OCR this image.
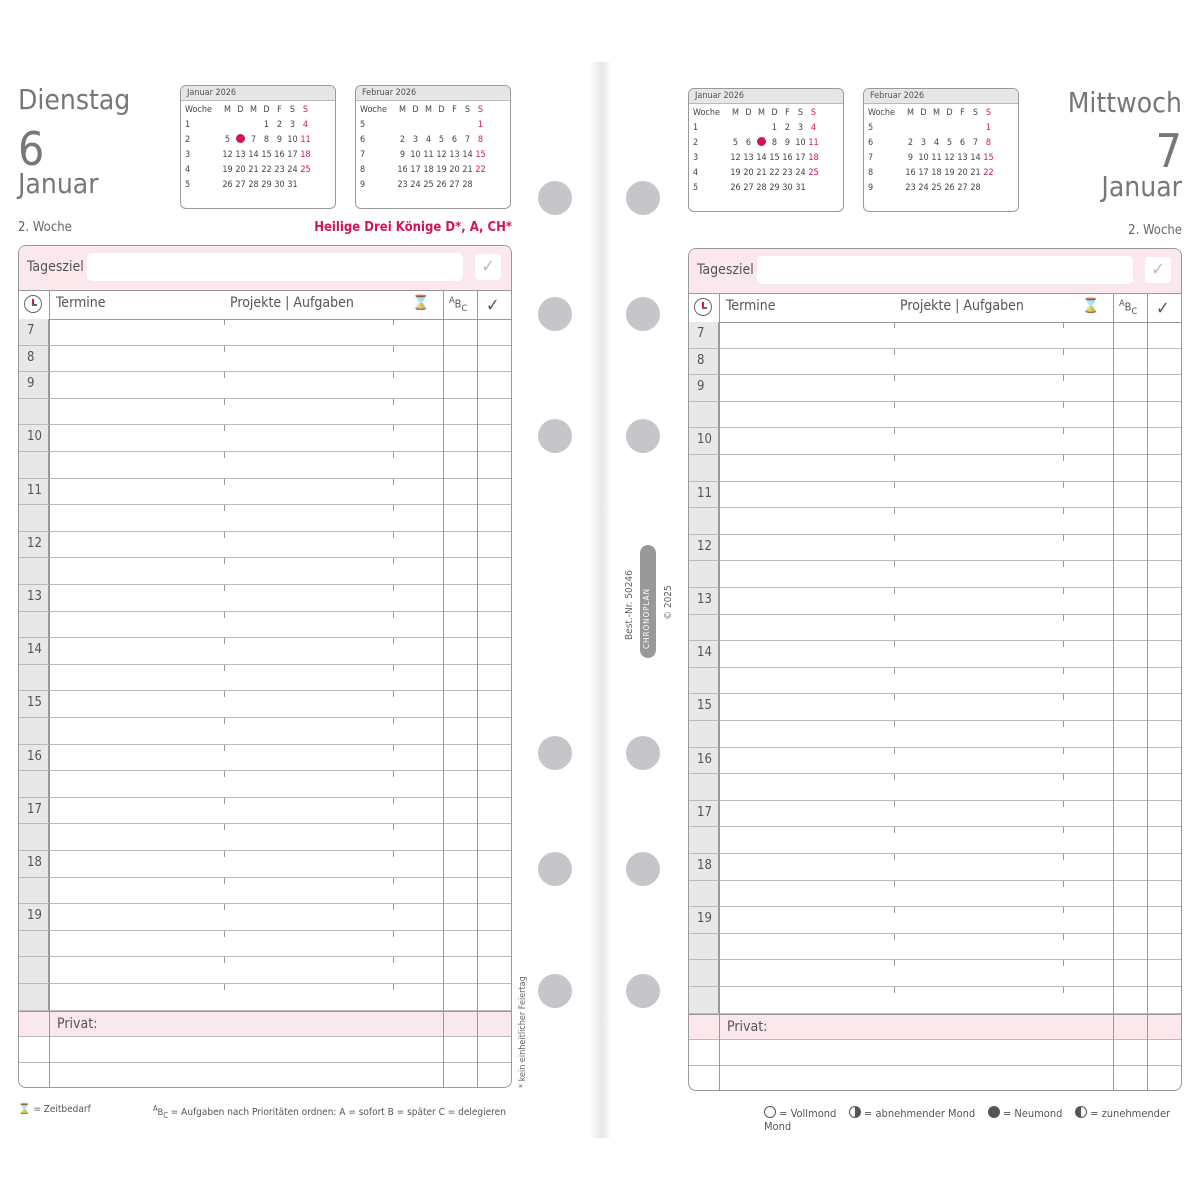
Dienstag
6
Januar
2. Woche	Heilige Drei Könige D*, A, CH*
Mittwoch
7
Januar
2. Woche
Januar 2026
Woche	M	D	M	D	F	S	S
1				1	2	3	4
2	5		7	8	9	10	11
3	12	13	14	15	16	17	18
4	19	20	21	22	23	24	25
5	26	27	28	29	30	31	
Februar 2026
Woche	M	D	M	D	F	S	S
5							1
6	2	3	4	5	6	7	8
7	9	10	11	12	13	14	15
8	16	17	18	19	20	21	22
9	23	24	25	26	27	28	
Januar 2026
Woche	M	D	M	D	F	S	S
1				1	2	3	4
2	5	6		8	9	10	11
3	12	13	14	15	16	17	18
4	19	20	21	22	23	24	25
5	26	27	28	29	30	31	
Februar 2026
Woche	M	D	M	D	F	S	S
5							1
6	2	3	4	5	6	7	8
7	9	10	11	12	13	14	15
8	16	17	18	19	20	21	22
9	23	24	25	26	27	28	
Tagesziel	✓
Termine	Projekte | Aufgaben	⌛ $^AB_C$ ✓
7
8
9
10
11
12
13
14
15
16
17
18
19
Privat:
Tagesziel	✓
Termine	Projekte | Aufgaben	⌛ $^AB_C$ ✓
7
8
9
10
11
12
13
14
15
16
17
18
19
Privat:
* kein einheitlicher Feiertag
Best.-Nr. 50246 CHRONOPLAN © 2025
⌛ = Zeitbedarf	$^AB_C$ = Aufgaben nach Prioritäten ordnen: A = sofort B = später C = delegieren	= Vollmond	= abnehmender Mond	= Neumond	= zunehmender Mond
